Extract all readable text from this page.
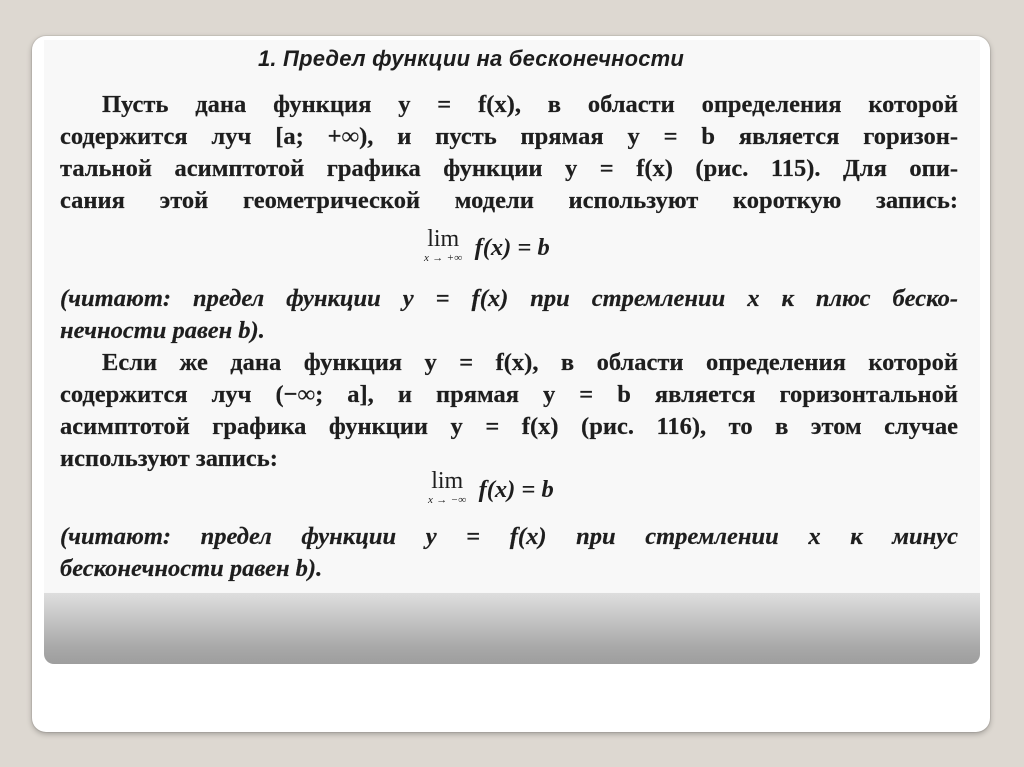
1. Предел функции на бесконечности
Пусть дана функция y = f(x), в области определения которой
содержится луч [a; +∞), и пусть прямая y = b является горизон-
тальной асимптотой графика функции y = f(x) (рис. 115). Для опи-
сания этой геометрической модели используют короткую запись:
lim
x → +∞ f(x) = b
(читают: предел функции y = f(x) при стремлении x к плюс беско-
нечности равен b).
Если же дана функция y = f(x), в области определения которой
содержится луч (−∞; a], и прямая y = b является горизонтальной
асимптотой графика функции y = f(x) (рис. 116), то в этом случае
используют запись:
lim
x → −∞ f(x) = b
(читают: предел функции y = f(x) при стремлении x к минус
бесконечности равен b).
